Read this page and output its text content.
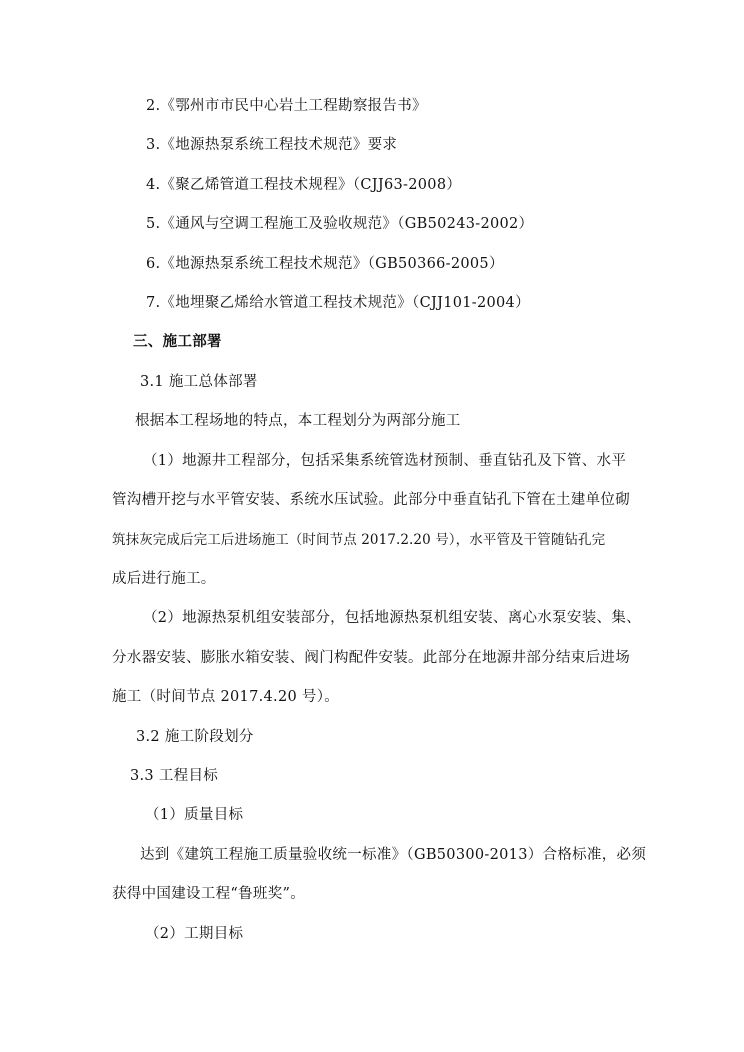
2.《鄂州市市民中心岩土工程勘察报告书》
3.《地源热泵系统工程技术规范》要求
4.《聚乙烯管道工程技术规程》（CJJ63-2008）
5.《通风与空调工程施工及验收规范》（GB50243-2002）
6.《地源热泵系统工程技术规范》（GB50366-2005）
7.《地埋聚乙烯给水管道工程技术规范》（CJJ101-2004）
三、施工部署
3.1 施工总体部署
根据本工程场地的特点，本工程划分为两部分施工
（1）地源井工程部分，包括采集系统管选材预制、垂直钻孔及下管、水平
管沟槽开挖与水平管安装、系统水压试验。此部分中垂直钻孔下管在土建单位砌
筑抹灰完成后完工后进场施工（时间节点 2017.2.20 号），水平管及干管随钻孔完
成后进行施工。
（2）地源热泵机组安装部分，包括地源热泵机组安装、离心水泵安装、集、
分水器安装、膨胀水箱安装、阀门构配件安装。此部分在地源井部分结束后进场
施工（时间节点 2017.4.20 号）。
3.2 施工阶段划分
3.3 工程目标
（1）质量目标
达到《建筑工程施工质量验收统一标准》（GB50300-2013）合格标准，必须
获得中国建设工程“鲁班奖”。
（2）工期目标
